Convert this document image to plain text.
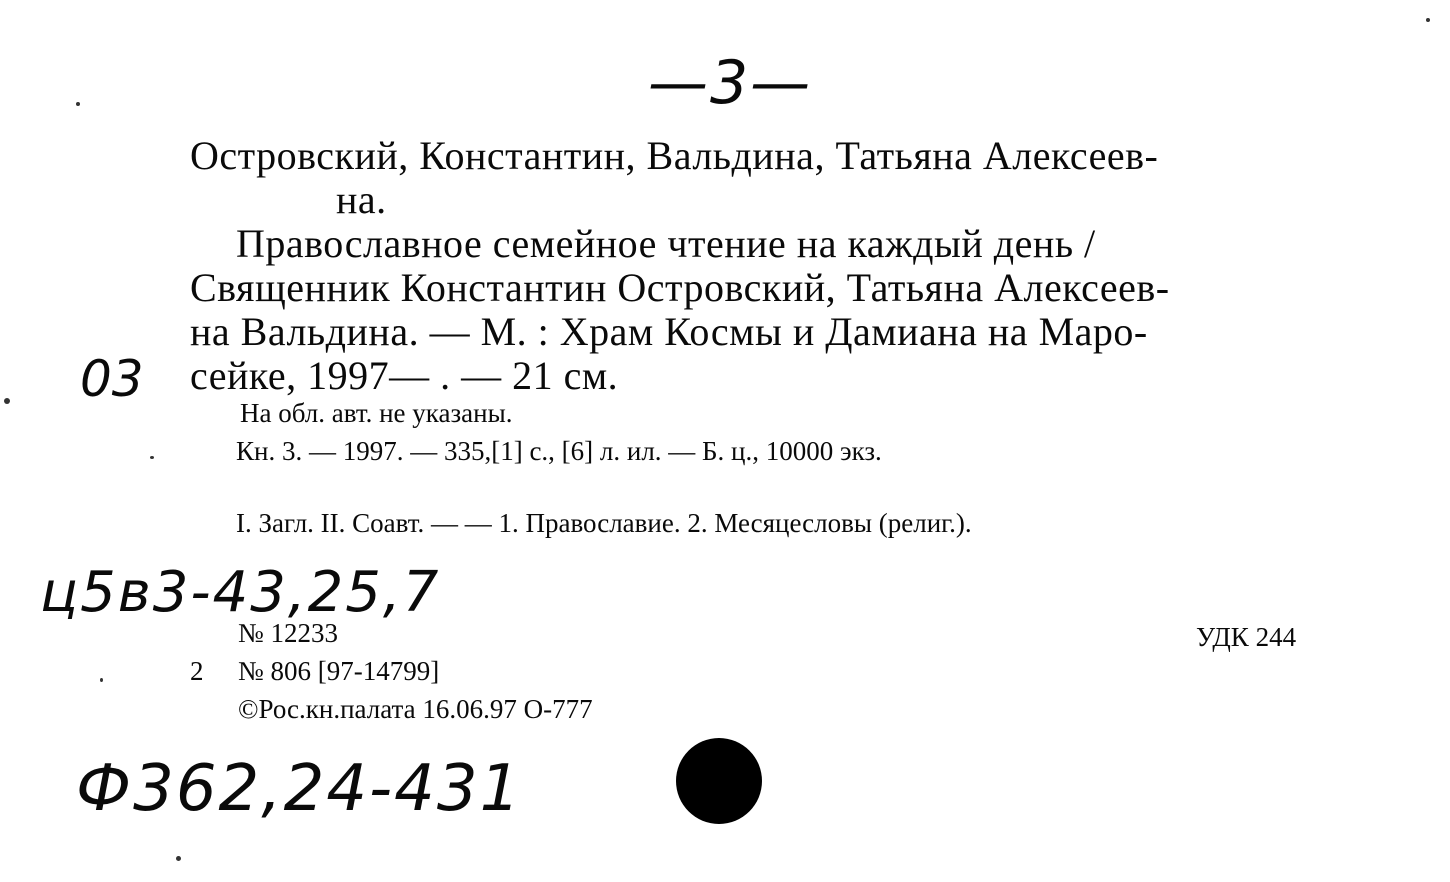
—3—
Островский, Константин, Вальдина, Татьяна Алексеев-
на.
Православное семейное чтение на каждый день /
Священник Константин Островский, Татьяна Алексеев-
на Вальдина. — М. : Храм Космы и Дамиана на Маро-
сейке, 1997— . — 21 см.
03
На обл. авт. не указаны.
Кн. 3. — 1997. — 335,[1] с., [6] л. ил. — Б. ц., 10000 экз.
I. Загл. II. Соавт. — — 1. Православие. 2. Месяцесловы (религ.).
ц5в3-43,25,7
№ 12233
2 № 806 [97-14799]
©Рос.кн.палата 16.06.97 О-777
УДК 244
Ф362,24-431
